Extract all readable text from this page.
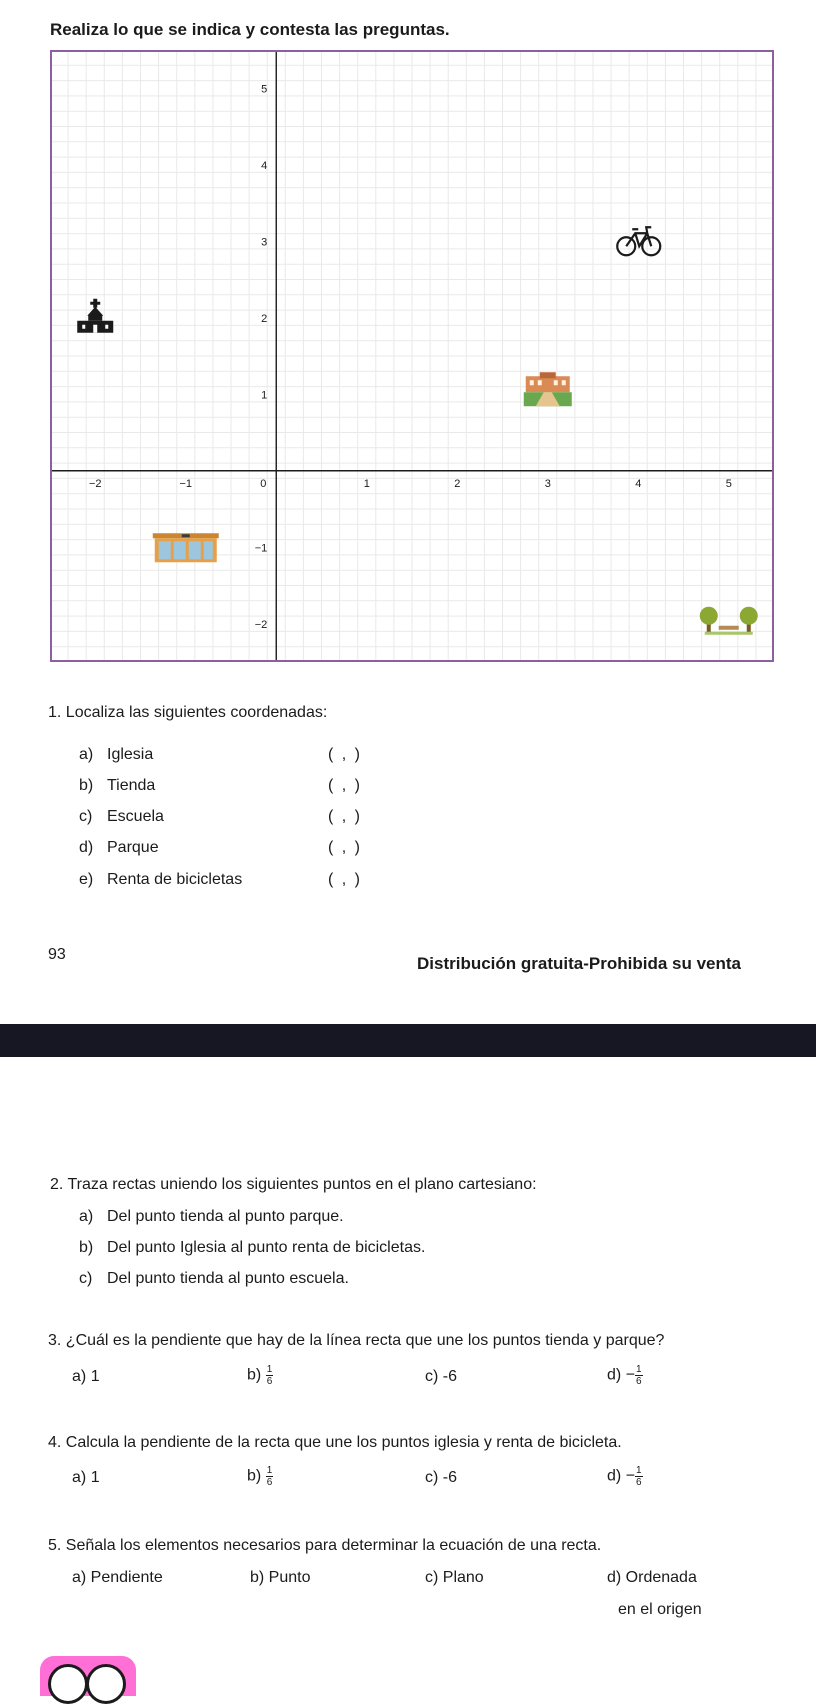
Realiza lo que se indica y contesta las preguntas.
−2	−1	0	1	2	3	4	5
5
4
3
2
1
−1
−2
1. Localiza las siguientes coordenadas:
a) Iglesia	( , )
b) Tienda	( , )
c) Escuela	( , )
d) Parque	( , )
e) Renta de bicicletas	( , )
93	Distribución gratuita-Prohibida su venta
2. Traza rectas uniendo los siguientes puntos en el plano cartesiano:
a) Del punto tienda al punto parque.
b) Del punto Iglesia al punto renta de bicicletas.
c) Del punto tienda al punto escuela.
3. ¿Cuál es la pendiente que hay de la línea recta que une los puntos tienda y parque?
a) 1	$b) \frac{1}{6}$	c) -6	$d) - \frac{1}{6}$
4. Calcula la pendiente de la recta que une los puntos iglesia y renta de bicicleta.
a) 1	$b) \frac{1}{6}$	c) -6	$d) - \frac{1}{6}$
5. Señala los elementos necesarios para determinar la ecuación de una recta.
a) Pendiente	b) Punto	c) Plano	d) Ordenada
en el origen
